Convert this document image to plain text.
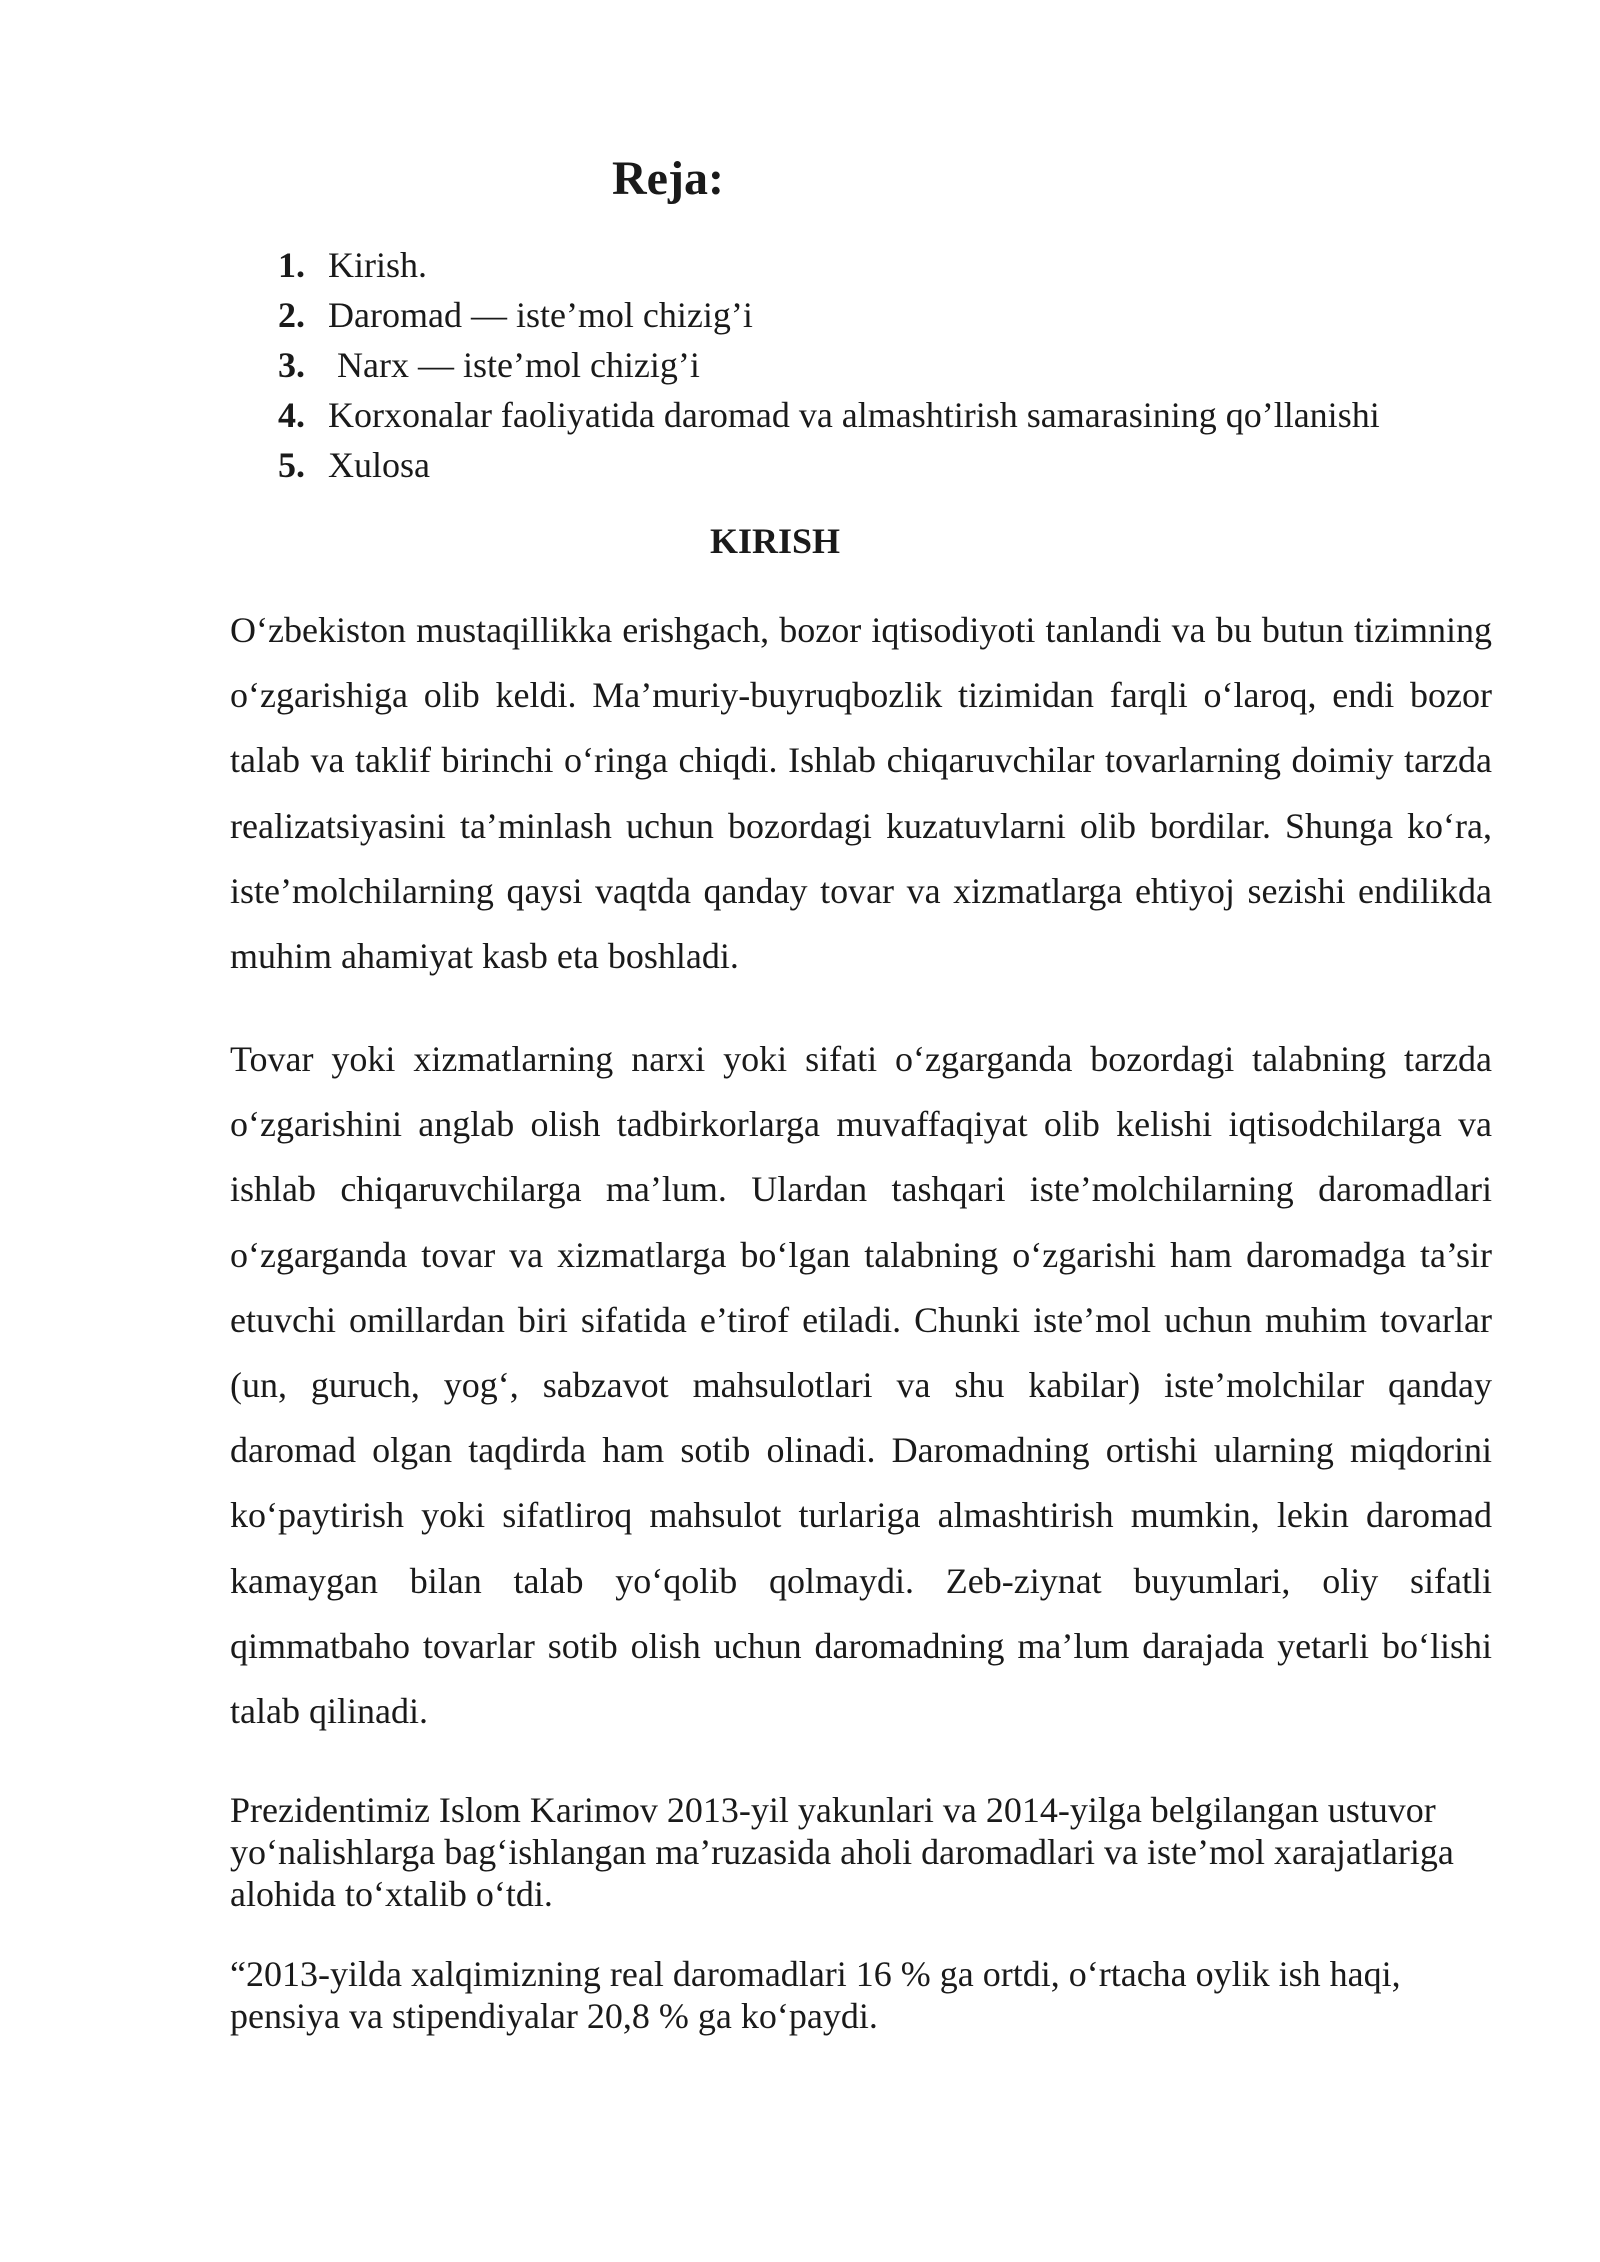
Reja:
1. Kirish.
2. Daromad — iste’mol chizig’i
3. Narx — iste’mol chizig’i
4. Korxonalar faoliyatida daromad va almashtirish samarasining qo’llanishi
5. Xulosa
KIRISH

O‘zbekiston mustaqillikka erishgach, bozor iqtisodiyoti tanlandi va bu butun tizimning o‘zgarishiga olib keldi. Ma’muriy-buyruqbozlik tizimidan farqli o‘laroq, endi bozor talab va taklif birinchi o‘ringa chiqdi. Ishlab chiqaruvchilar tovarlarning doimiy tarzda realizatsiyasini ta’minlash uchun bozordagi kuzatuvlarni olib bordilar. Shunga ko‘ra, iste’molchilarning qaysi vaqtda qanday tovar va xizmatlarga ehtiyoj sezishi endilikda muhim ahamiyat kasb eta boshladi.

Tovar yoki xizmatlarning narxi yoki sifati o‘zgarganda bozordagi talabning tarzda o‘zgarishini anglab olish tadbirkorlarga muvaffaqiyat olib kelishi iqtisodchilarga va ishlab chiqaruvchilarga ma’lum. Ulardan tashqari iste’molchilarning daromadlari o‘zgarganda tovar va xizmatlarga bo‘lgan talabning o‘zgarishi ham daromadga ta’sir etuvchi omillardan biri sifatida e’tirof etiladi. Chunki iste’mol uchun muhim tovarlar (un, guruch, yog‘, sabzavot mahsulotlari va shu kabilar) iste’molchilar qanday daromad olgan taqdirda ham sotib olinadi. Daromadning ortishi ularning miqdorini ko‘paytirish yoki sifatliroq mahsulot turlariga almashtirish mumkin, lekin daromad kamaygan bilan talab yo‘qolib qolmaydi. Zeb-ziynat buyumlari, oliy sifatli qimmatbaho tovarlar sotib olish uchun daromadning ma’lum darajada yetarli bo‘lishi talab qilinadi.

Prezidentimiz Islom Karimov 2013-yil yakunlari va 2014-yilga belgilangan ustuvor yo‘nalishlarga bag‘ishlangan ma’ruzasida aholi daromadlari va iste’mol xarajatlariga alohida to‘xtalib o‘tdi.

“2013-yilda xalqimizning real daromadlari 16 % ga ortdi, o‘rtacha oylik ish haqi, pensiya va stipendiyalar 20,8 % ga ko‘paydi.
